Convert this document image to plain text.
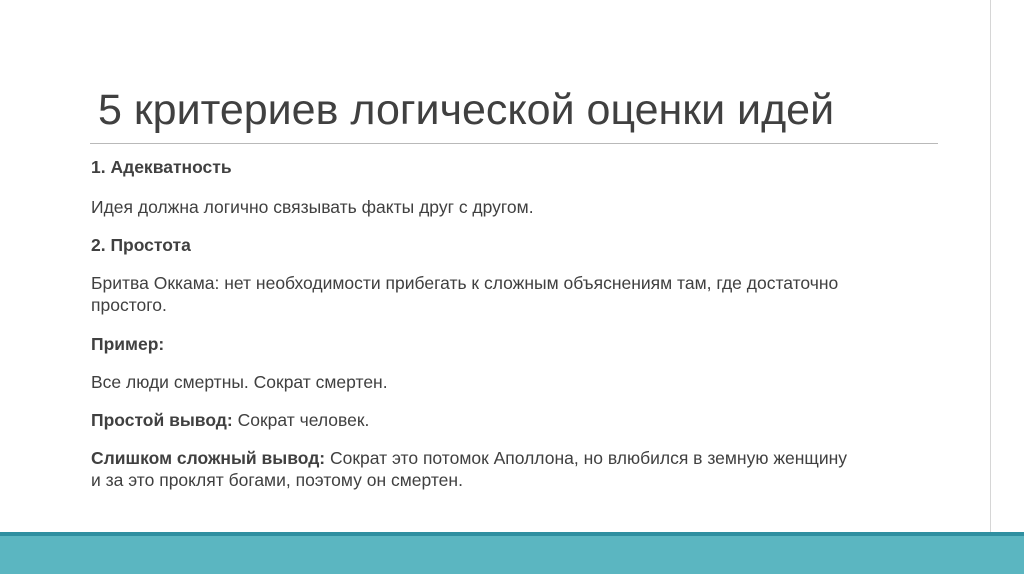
5 критериев логической оценки идей

1. Адекватность

Идея должна логично связывать факты друг с другом.

2. Простота

Бритва Оккама: нет необходимости прибегать к сложным объяснениям там, где достаточно
простого.

Пример:

Все люди смертны. Сократ смертен.

Простой вывод: Сократ человек.

Слишком сложный вывод: Сократ это потомок Аполлона, но влюбился в земную женщину
и за это проклят богами, поэтому он смертен.
